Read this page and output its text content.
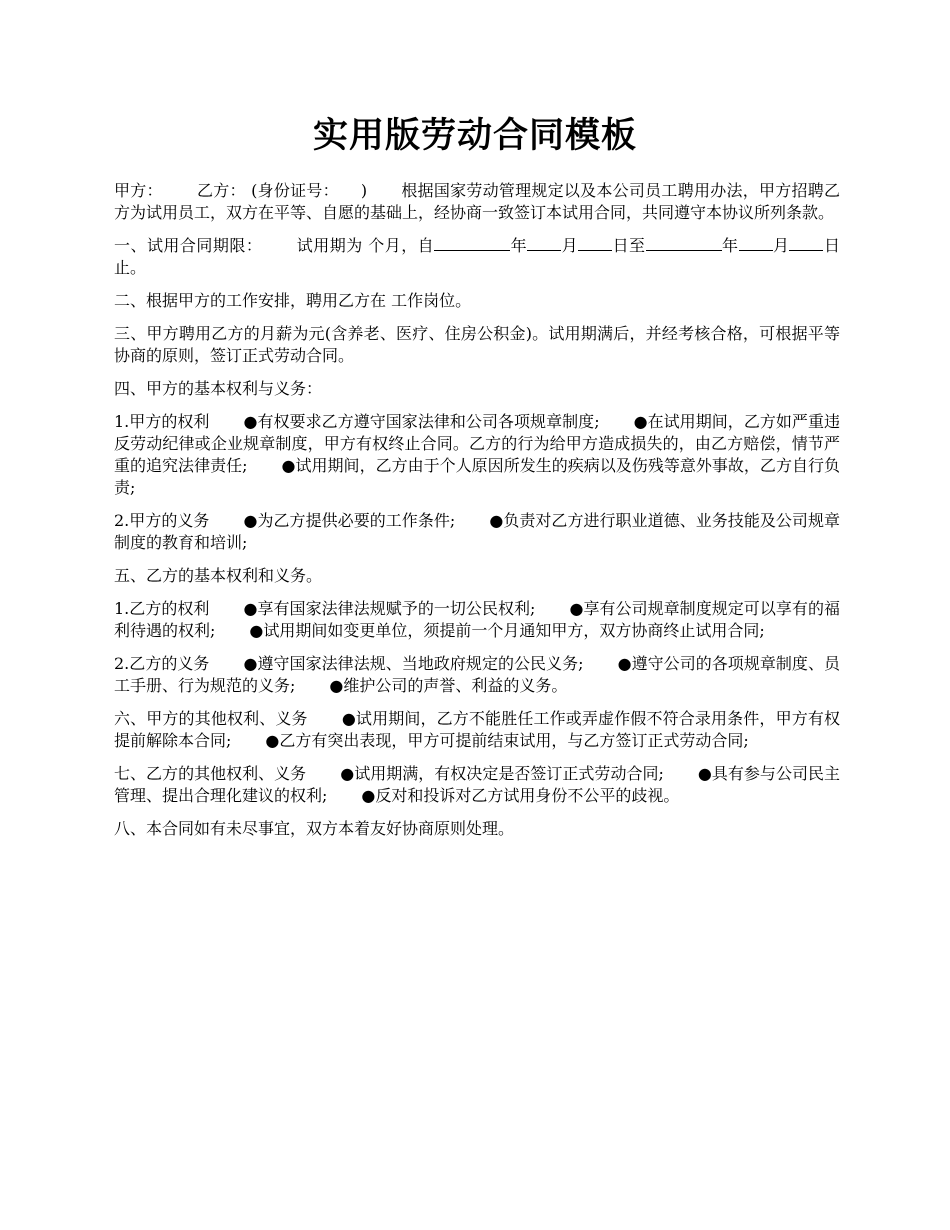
实用版劳动合同模板

甲方： 乙方： (身份证号： ) 根据国家劳动管理规定以及本公司员工聘用办法，甲方招聘乙方为试用员工，双方在平等、自愿的基础上，经协商一致签订本试用合同，共同遵守本协议所列条款。

一、试用合同期限： 试用期为 个月，自	年 月 日至	年 月 日止。

二、根据甲方的工作安排，聘用乙方在 工作岗位。

三、甲方聘用乙方的月薪为元(含养老、医疗、住房公积金)。试用期满后，并经考核合格，可根据平等协商的原则，签订正式劳动合同。

四、甲方的基本权利与义务：

1.甲方的权利 ●有权要求乙方遵守国家法律和公司各项规章制度; ●在试用期间，乙方如严重违反劳动纪律或企业规章制度，甲方有权终止合同。乙方的行为给甲方造成损失的，由乙方赔偿，情节严重的追究法律责任; ●试用期间，乙方由于个人原因所发生的疾病以及伤残等意外事故，乙方自行负责;

2.甲方的义务 ●为乙方提供必要的工作条件; ●负责对乙方进行职业道德、业务技能及公司规章制度的教育和培训;

五、乙方的基本权利和义务。

1.乙方的权利 ●享有国家法律法规赋予的一切公民权利; ●享有公司规章制度规定可以享有的福利待遇的权利; ●试用期间如变更单位，须提前一个月通知甲方，双方协商终止试用合同;

2.乙方的义务 ●遵守国家法律法规、当地政府规定的公民义务; ●遵守公司的各项规章制度、员工手册、行为规范的义务; ●维护公司的声誉、利益的义务。

六、甲方的其他权利、义务 ●试用期间，乙方不能胜任工作或弄虚作假不符合录用条件，甲方有权提前解除本合同; ●乙方有突出表现，甲方可提前结束试用，与乙方签订正式劳动合同;

七、乙方的其他权利、义务 ●试用期满，有权决定是否签订正式劳动合同; ●具有参与公司民主管理、提出合理化建议的权利; ●反对和投诉对乙方试用身份不公平的歧视。

八、本合同如有未尽事宜，双方本着友好协商原则处理。
